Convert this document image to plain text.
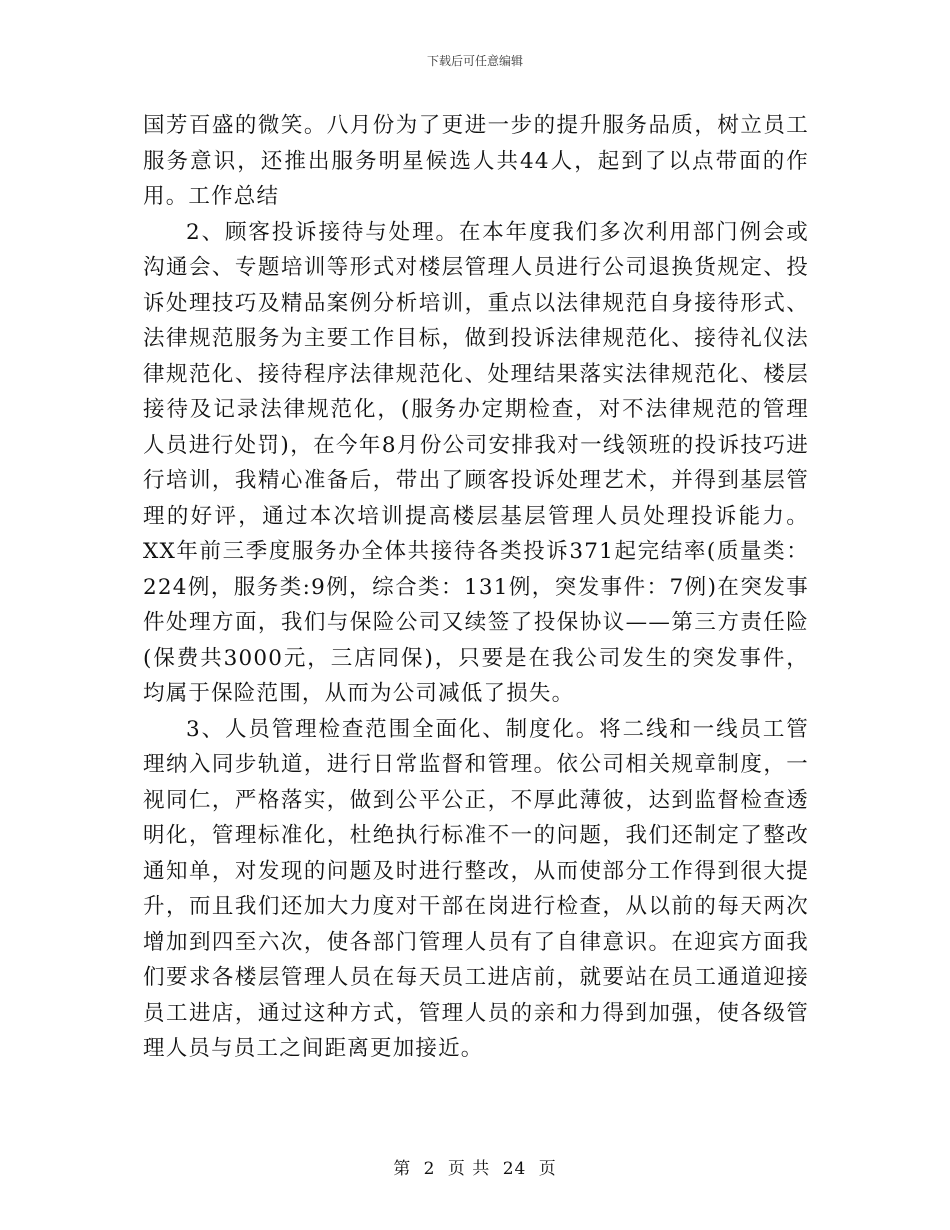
下载后可任意编辑

国芳百盛的微笑。八月份为了更进一步的提升服务品质，树立员工服务意识，还推出服务明星候选人共44人，起到了以点带面的作用。工作总结

2、顾客投诉接待与处理。在本年度我们多次利用部门例会或沟通会、专题培训等形式对楼层管理人员进行公司退换货规定、投诉处理技巧及精品案例分析培训，重点以法律规范自身接待形式、法律规范服务为主要工作目标，做到投诉法律规范化、接待礼仪法律规范化、接待程序法律规范化、处理结果落实法律规范化、楼层接待及记录法律规范化，(服务办定期检查，对不法律规范的管理人员进行处罚)，在今年8月份公司安排我对一线领班的投诉技巧进行培训，我精心准备后，带出了顾客投诉处理艺术，并得到基层管理的好评，通过本次培训提高楼层基层管理人员处理投诉能力。XX年前三季度服务办全体共接待各类投诉371起完结率(质量类：224例，服务类:9例，综合类：131例，突发事件：7例)在突发事件处理方面，我们与保险公司又续签了投保协议——第三方责任险(保费共3000元，三店同保)，只要是在我公司发生的突发事件，均属于保险范围，从而为公司减低了损失。

3、人员管理检查范围全面化、制度化。将二线和一线员工管理纳入同步轨道，进行日常监督和管理。依公司相关规章制度，一视同仁，严格落实，做到公平公正，不厚此薄彼，达到监督检查透明化，管理标准化，杜绝执行标准不一的问题，我们还制定了整改通知单，对发现的问题及时进行整改，从而使部分工作得到很大提升，而且我们还加大力度对干部在岗进行检查，从以前的每天两次增加到四至六次，使各部门管理人员有了自律意识。在迎宾方面我们要求各楼层管理人员在每天员工进店前，就要站在员工通道迎接员工进店，通过这种方式，管理人员的亲和力得到加强，使各级管理人员与员工之间距离更加接近。

第 2 页 共 24 页
